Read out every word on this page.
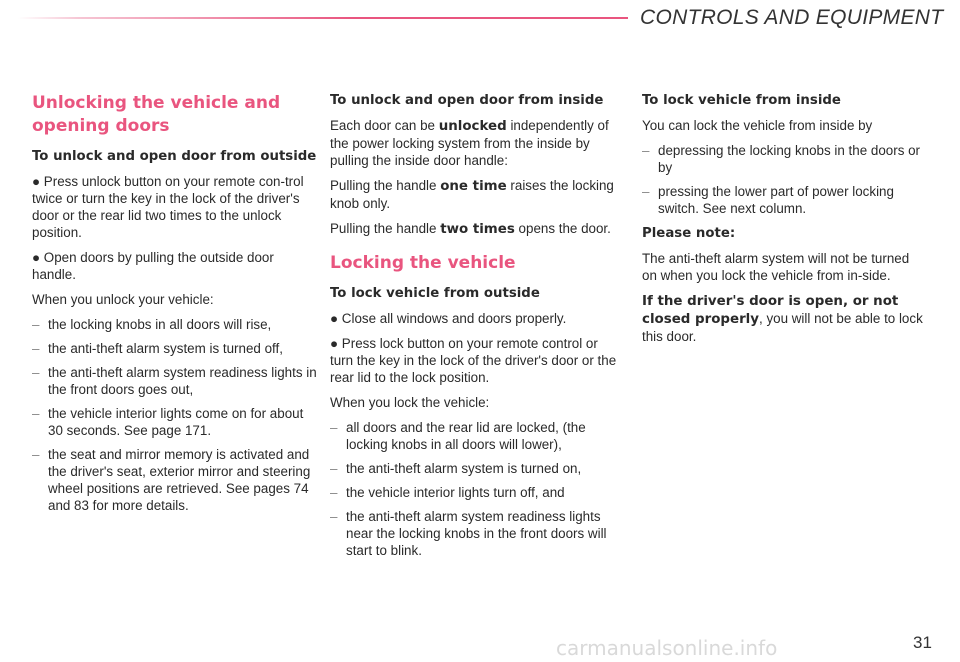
CONTROLS AND EQUIPMENT
Unlocking the vehicle and opening doors
To unlock and open door from outside

● Press unlock button on your remote con-trol twice or turn the key in the lock of the driver's door or the rear lid two times to the unlock position.

● Open doors by pulling the outside door handle.

When you unlock your vehicle:

– the locking knobs in all doors will rise,
– the anti-theft alarm system is turned off,
– the anti-theft alarm system readiness lights in the front doors goes out,
– the vehicle interior lights come on for about 30 seconds. See page 171.
– the seat and mirror memory is activated and the driver's seat, exterior mirror and steering wheel positions are retrieved. See pages 74 and 83 for more details.
To unlock and open door from inside

Each door can be unlocked independently of the power locking system from the inside by pulling the inside door handle:

Pulling the handle one time raises the locking knob only.

Pulling the handle two times opens the door.

Locking the vehicle
To lock vehicle from outside

● Close all windows and doors properly.

● Press lock button on your remote control or turn the key in the lock of the driver's door or the rear lid to the lock position.

When you lock the vehicle:

– all doors and the rear lid are locked, (the locking knobs in all doors will lower),
– the anti-theft alarm system is turned on,
– the vehicle interior lights turn off, and
– the anti-theft alarm system readiness lights near the locking knobs in the front doors will start to blink.
To lock vehicle from inside

You can lock the vehicle from inside by

– depressing the locking knobs in the doors or by
– pressing the lower part of power locking switch. See next column.
Please note:

The anti-theft alarm system will not be turned on when you lock the vehicle from in-side.

If the driver's door is open, or not closed properly, you will not be able to lock this door.

carmanualsonline.info	31
